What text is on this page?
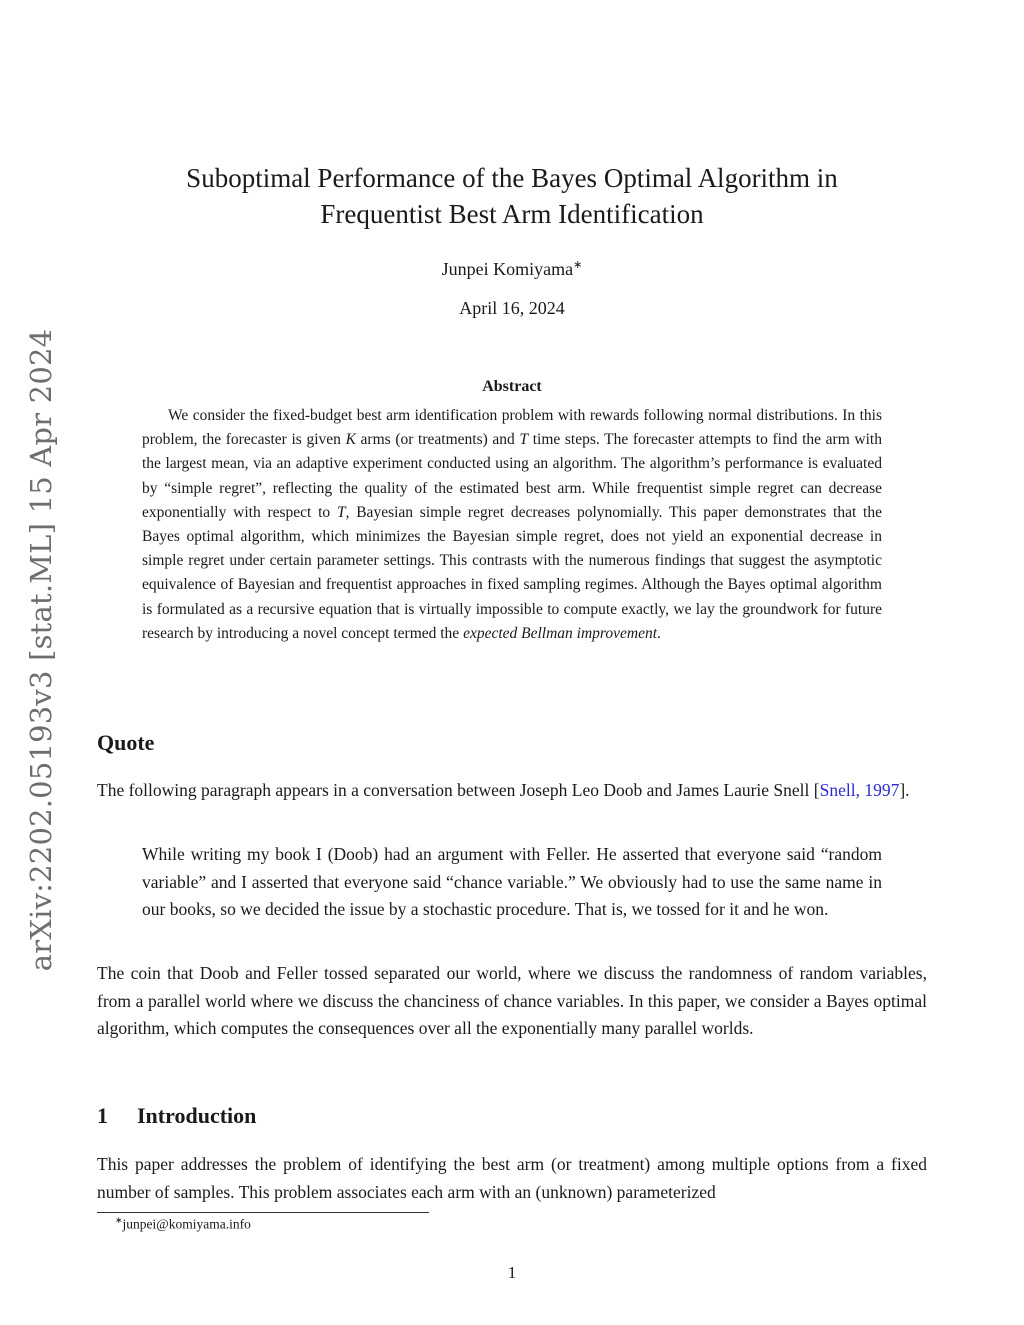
arXiv:2202.05193v3 [stat.ML] 15 Apr 2024
Suboptimal Performance of the Bayes Optimal Algorithm in
Frequentist Best Arm Identification
Junpei Komiyama∗
April 16, 2024
Abstract
We consider the fixed-budget best arm identification problem with rewards following normal distributions. In this problem, the forecaster is given K arms (or treatments) and T time steps. The forecaster attempts to find the arm with the largest mean, via an adaptive experiment conducted using an algorithm. The algorithm’s performance is evaluated by “simple regret”, reflecting the quality of the estimated best arm. While frequentist simple regret can decrease exponentially with respect to T, Bayesian simple regret decreases polynomially. This paper demonstrates that the Bayes optimal algorithm, which minimizes the Bayesian simple regret, does not yield an exponential decrease in simple regret under certain parameter settings. This contrasts with the numerous findings that suggest the asymptotic equivalence of Bayesian and frequentist approaches in fixed sampling regimes. Although the Bayes optimal algorithm is formulated as a recursive equation that is virtually impossible to compute exactly, we lay the groundwork for future research by introducing a novel concept termed the expected Bellman improvement.
Quote
The following paragraph appears in a conversation between Joseph Leo Doob and James Laurie Snell [Snell, 1997].
While writing my book I (Doob) had an argument with Feller. He asserted that everyone said “random variable” and I asserted that everyone said “chance variable.” We obviously had to use the same name in our books, so we decided the issue by a stochastic procedure. That is, we tossed for it and he won.
The coin that Doob and Feller tossed separated our world, where we discuss the randomness of random variables, from a parallel world where we discuss the chanciness of chance variables. In this paper, we consider a Bayes optimal algorithm, which computes the consequences over all the exponentially many parallel worlds.
1 Introduction
This paper addresses the problem of identifying the best arm (or treatment) among multiple options from a fixed number of samples. This problem associates each arm with an (unknown) parameterized
∗junpei@komiyama.info
1
